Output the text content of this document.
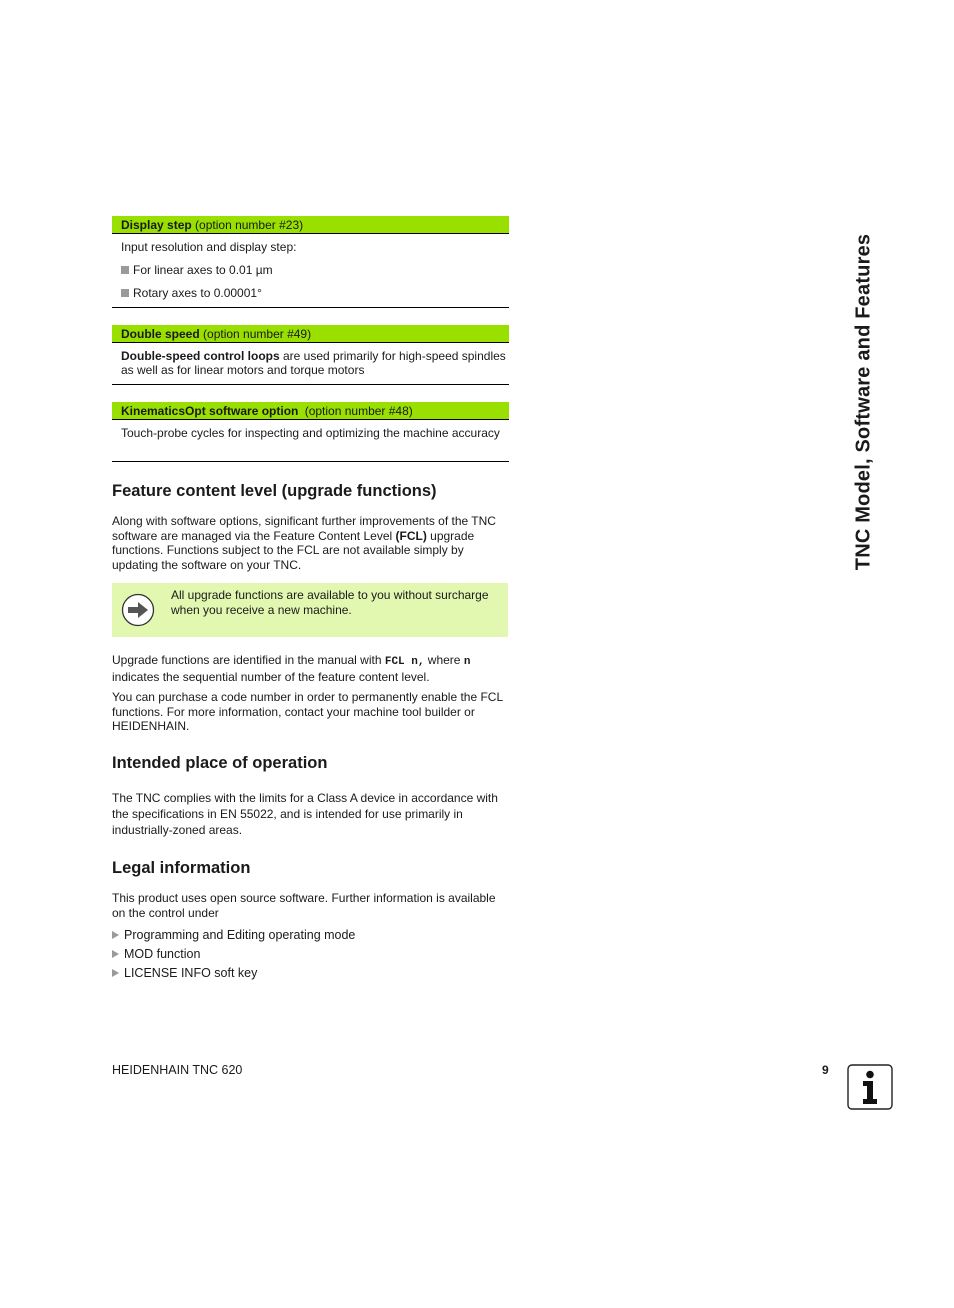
Display step (option number #23)

Input resolution and display step:

For linear axes to 0.01 µm

Rotary axes to 0.00001°

Double speed (option number #49)

Double-speed control loops are used primarily for high-speed spindles as well as for linear motors and torque motors

KinematicsOpt software option (option number #48)

Touch-probe cycles for inspecting and optimizing the machine accuracy

Feature content level (upgrade functions)

Along with software options, significant further improvements of the TNC software are managed via the Feature Content Level (FCL) upgrade functions. Functions subject to the FCL are not available simply by updating the software on your TNC.

All upgrade functions are available to you without surcharge when you receive a new machine.

Upgrade functions are identified in the manual with FCL n, where n indicates the sequential number of the feature content level.

You can purchase a code number in order to permanently enable the FCL functions. For more information, contact your machine tool builder or HEIDENHAIN.

Intended place of operation

The TNC complies with the limits for a Class A device in accordance with the specifications in EN 55022, and is intended for use primarily in industrially-zoned areas.

Legal information

This product uses open source software. Further information is available on the control under

Programming and Editing operating mode
MOD function
LICENSE INFO soft key
TNC Model, Software and Features
HEIDENHAIN TNC 620	9
